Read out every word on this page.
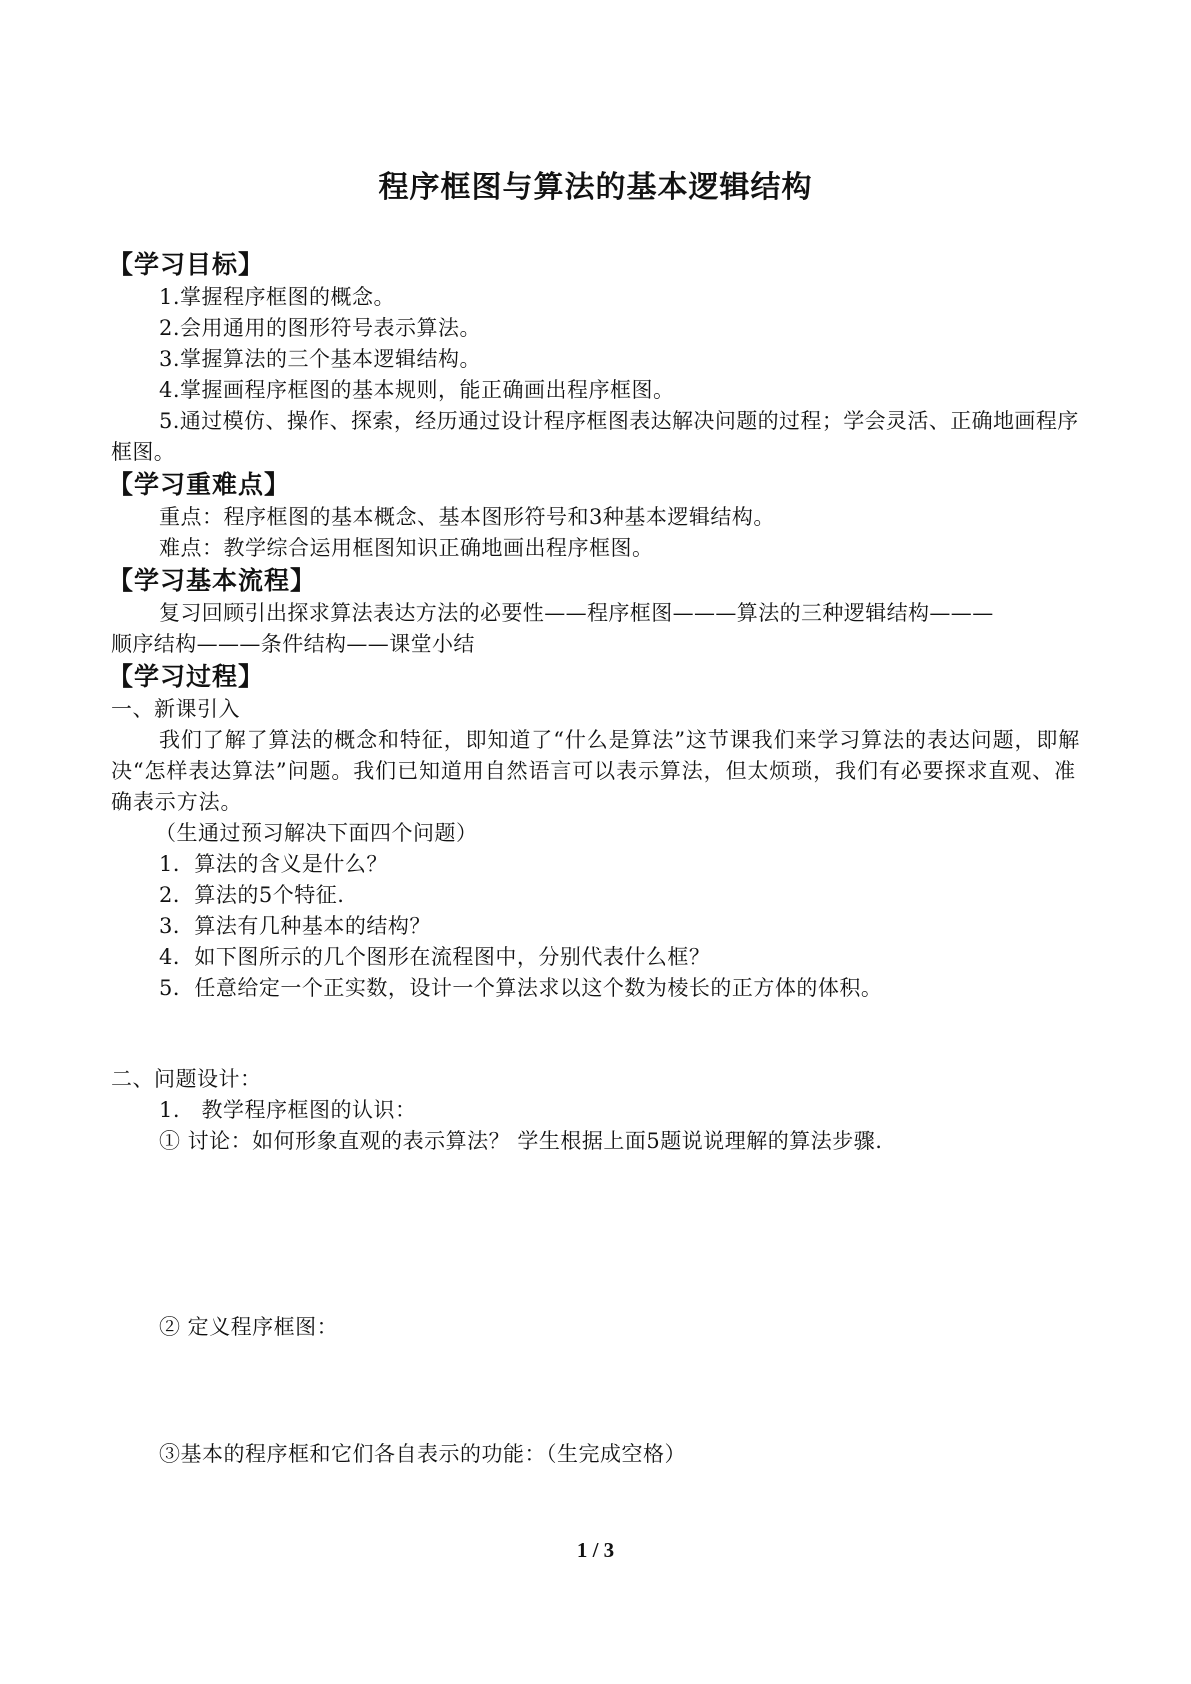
程序框图与算法的基本逻辑结构
【学习目标】
1.掌握程序框图的概念。
2.会用通用的图形符号表示算法。
3.掌握算法的三个基本逻辑结构。
4.掌握画程序框图的基本规则，能正确画出程序框图。

5.通过模仿、操作、探索，经历通过设计程序框图表达解决问题的过程；学会灵活、正确地画程序框图。

【学习重难点】
重点：程序框图的基本概念、基本图形符号和3种基本逻辑结构。
难点：教学综合运用框图知识正确地画出程序框图。
【学习基本流程】

复习回顾引出探求算法表达方法的必要性——程序框图———算法的三种逻辑结构———顺序结构———条件结构——课堂小结

【学习过程】
一、新课引入

我们了解了算法的概念和特征，即知道了“什么是算法”这节课我们来学习算法的表达问题，即解决“怎样表达算法”问题。我们已知道用自然语言可以表示算法，但太烦琐，我们有必要探求直观、准确表示方法。

（生通过预习解决下面四个问题）
1．算法的含义是什么？
2．算法的5个特征.
3．算法有几种基本的结构？
4．如下图所示的几个图形在流程图中，分别代表什么框？
5．任意给定一个正实数，设计一个算法求以这个数为棱长的正方体的体积。
二、问题设计：
1.　教学程序框图的认识：
① 讨论：如何形象直观的表示算法？ 学生根据上面5题说说理解的算法步骤.
② 定义程序框图：
③基本的程序框和它们各自表示的功能：（生完成空格）
1 / 3
